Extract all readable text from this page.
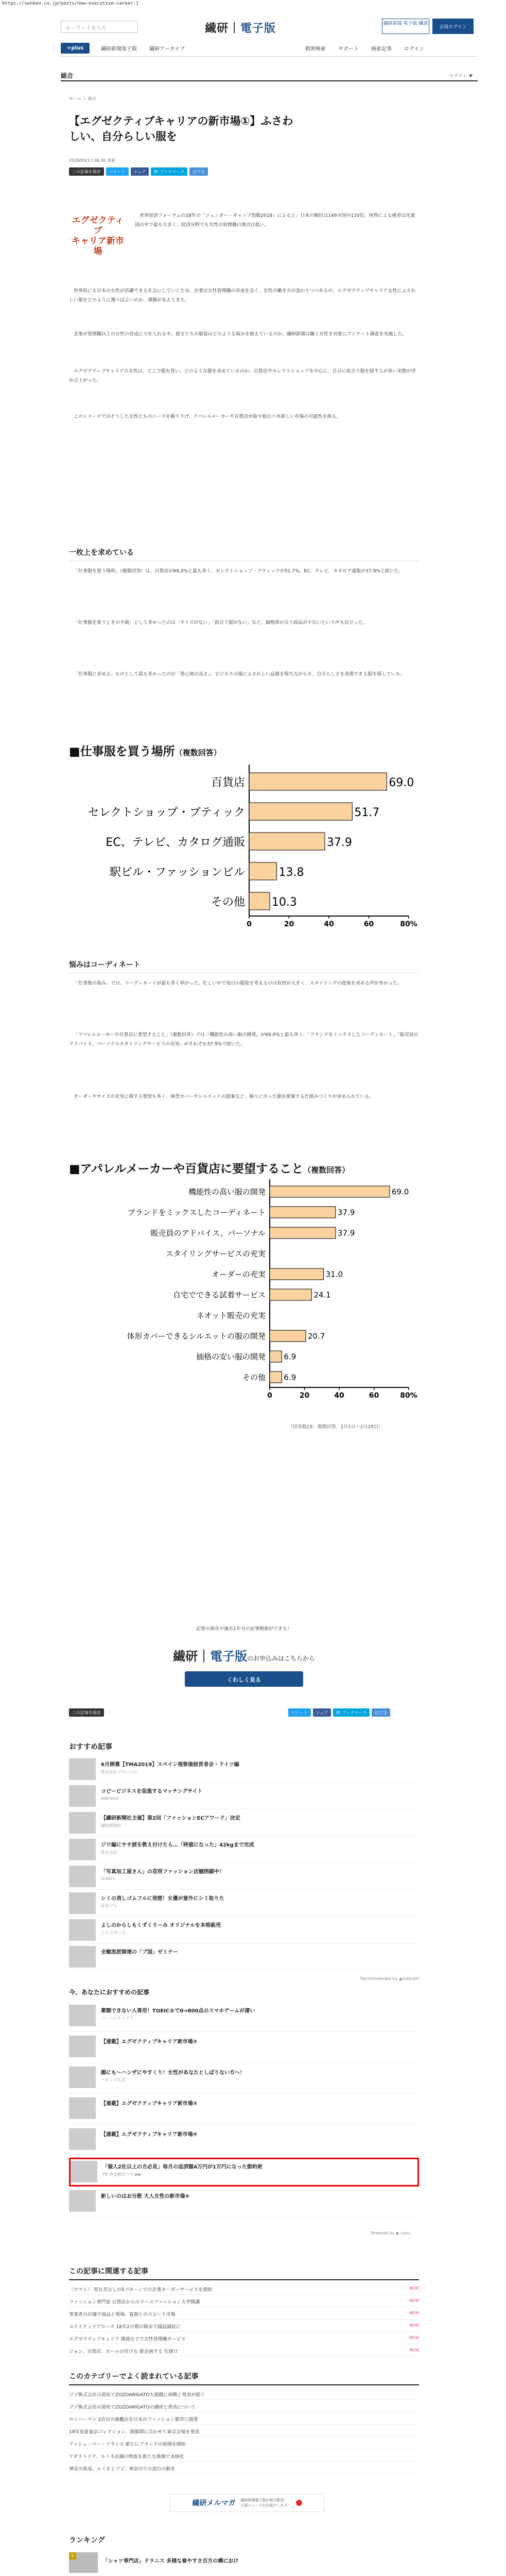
https://senken.co.jp/posts/new-executive-career-1
キーワードを入力	繊研｜電子版	繊研新聞 電子版 購読
会員ログイン
+plus	繊研新聞電子版	繊研アーカイブ	精密検索	サポート	検索記事	ログイン
総合	ログイン ▼
ホーム ＞ 総合
【エグゼクティブキャリアの新市場①】ふさわしい、自分らしい服を
2018/04/17 06:30 更新
この記事を保存	ツイート	シェア	B! ブックマーク	はてな
エグゼクティブ
キャリア新市場
世界経済フォーラムの18年の「ジェンダー・ギャップ指数2018」によると、日本の順位は149カ国中110位。所得による格差は先進国の中で最も大きく、経済分野でも女性の管理職の割合は低い。
世界的にも日本の女性が活躍できる社会にしていくため、企業は女性管理職の育成を急ぐ。女性の働き方が変わりつつある中、エグゼクティブキャリア女性にふさわしい服をどのように選べばよいのか、課題が見えてきた。
企業が管理職以上の女性の育成に力を入れる中、彼女たちの服装はどのような悩みを抱えているのか。繊研新聞は働く女性を対象にアンケート調査を実施した。
エグゼクティブキャリアの女性は、どこで服を買い、どのような服を求めているのか。百貨店やセレクトショップを中心に、自分に似合う服を探す人が多い実態が浮かび上がった。
このシリーズではそうした女性たちのニーズを掘り下げ、アパレルメーカーや百貨店が取り組むべき新しい市場の可能性を探る。
一枚上を求めている
「仕事服を買う場所」（複数回答）は、百貨店が69.0%と最も多く、セレクトショップ・ブティックが51.7%、EC、テレビ、カタログ通販が37.9%と続いた。
「仕事服を買うときの不満」として多かったのは「サイズがない」「似合う服がない」など。価格帯が合う商品が少ないという声も目立った。
「仕事服に求める」ものとして最も多かったのが「着心地の良さ」。ビジネスの場にふさわしい品格を保ちながらも、自分らしさを表現できる服を探している。
■仕事服を買う場所（複数回答）
百貨店	69.0
セレクトショップ・ブティック	51.7
EC、テレビ、カタログ通販	37.9
駅ビル・ファッションビル	13.8
その他 10.3
0	20	40	60	80%
悩みはコーディネート
「仕事服の悩み」では、コーディネートが最も多く挙がった。忙しい中で毎日の服装を考えるのは負担が大きく、スタイリングの提案を求める声が多かった。
「アパレルメーカーや百貨店に要望すること」（複数回答）では「機能性の高い服の開発」が69.0%と最も多く、「ブランドをミックスしたコーディネート」「販売員のアドバイス、パーソナルスタイリングサービスの充実」がそれぞれ37.9%で続いた。
オーダーやサイズの充実に関する要望も多く、体型カバーやシルエットの提案など、個々に合った服を提案する仕組みづくりが求められている。
■アパレルメーカーや百貨店に要望すること（複数回答）
機能性の高い服の開発	69.0
ブランドをミックスしたコーディネート	37.9
販売員のアドバイス、パーソナル	37.9
スタイリングサービスの充実
オーダーの充実	31.0
自宅でできる試着サービス	24.1
ネオット販売の充実
体形カバーできるシルエットの服の開発	20.7
価格の安い服の開発 6.9
その他 6.9
0	20	40	60	80%
（回答数29、複数回答、2月1日～2月28日）
記事の保存や過去1年分の記事検索ができる！
繊研｜電子版のお申込みはこちらから
くわしく見る
この記事を保存	ツイート	シェア	B! ブックマーク	はてな
おすすめ記事
6月開幕【TMA2019】スペイン視察後経営者会・ドイツ編
株式会社グローバル
コピービジネスを促進するマッチングサイト
adbrand
【繊研新聞社主催】第2回「ファッションECアワード」決定
繊研新聞社
ジワ編にササ読を教え付けたら…「時値になった」42kgまで完成
株式会社
「写真加工屋さん」の花咲ファッション店舗閉鎖中！
Orders
シミの消しゴムフルに発想！女優が意外にシミ取りた
美容プロ
よしのからしもくずくりーみ オリジナルを本格販売
ひとりぼっち
全観流派御達の「ブ国」ゼミナー
Recommended by ▲outbrain
今、あなたにおすすめの記事
薬額できない人専用！TOEIC®で0→800点のスマホゲームが凄い
パーソルキャリア
【連載】エグゼクティブキャリア新市場②
顔にも〜ハンザにやすくり！女性があなたとしぼりない方へ！
ハピレス生活
【連載】エグゼクティブキャリア新市場③
【連載】エグゼクティブキャリア新市場④
「個人2社以上の方必見」毎月の返済額4万円が1万円になった節約術
PR 借金解決ラボ ▶▶
新しいのはお分散 大人女性の新市場⑤
Powered by ◆ uzou
この記事に関連する記事
〈ヤマト〉 男女差なしの5パターンでの企業オーダーサービスを開始	NEW
ファッション専門家 百貨店からのドーユファッション大学開講	NEW
事業者の店舗で商品と現場、資源とのスピード市場	NEW
ユナイテッドアローズ 18年2月期の期末で減益減収に	NEW
エグゼクティブキャリア 環境女子で女性管理職サービス	NEW
ジョン、百貨店、ホールの付ける 新企画する 仕掛け	NEW
このカテゴリーでよく読まれている記事
ゾゾ株式会社の買収でZOZOARIGATO大規模に商戦と発表が続く
ゾゾ株式会社の買収でZOZOARIGATOの講座と発表について
ロンハーマン 2店目の旗艦店を日本のファッション都市に開業
19年春夏東京コレクション、開催期に合わせて東京会場を発表
アッシュ・ペー・フランス 新たにブランドの展開を開始
アダストリア、ルミネ店舗の物流を新たな体制で本格化
神奈川県成、ルミネとゾゾ、神奈川での流行の動き
繊研メルマガ 繊研新聞電子版が毎日配信！
主要ニュースをお届けします。
ランキング
1
「シャツ専門店」ドラニス 多様な着やすさ百方の構におけ
